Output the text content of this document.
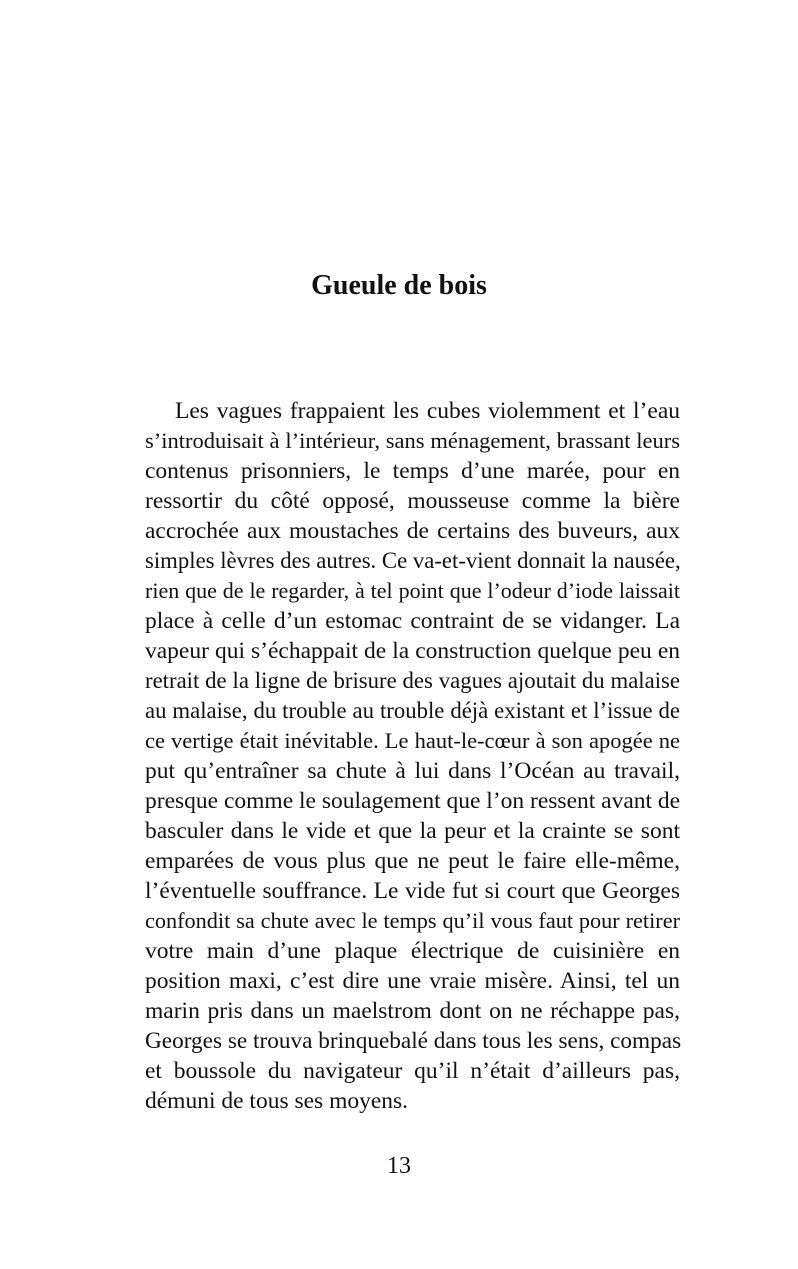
Gueule de bois
Les vagues frappaient les cubes violemment et l’eau
s’introduisait à l’intérieur, sans ménagement, brassant leurs
contenus prisonniers, le temps d’une marée, pour en
ressortir du côté opposé, mousseuse comme la bière
accrochée aux moustaches de certains des buveurs, aux
simples lèvres des autres. Ce va-et-vient donnait la nausée,
rien que de le regarder, à tel point que l’odeur d’iode laissait
place à celle d’un estomac contraint de se vidanger. La
vapeur qui s’échappait de la construction quelque peu en
retrait de la ligne de brisure des vagues ajoutait du malaise
au malaise, du trouble au trouble déjà existant et l’issue de
ce vertige était inévitable. Le haut-le-cœur à son apogée ne
put qu’entraîner sa chute à lui dans l’Océan au travail,
presque comme le soulagement que l’on ressent avant de
basculer dans le vide et que la peur et la crainte se sont
emparées de vous plus que ne peut le faire elle-même,
l’éventuelle souffrance. Le vide fut si court que Georges
confondit sa chute avec le temps qu’il vous faut pour retirer
votre main d’une plaque électrique de cuisinière en
position maxi, c’est dire une vraie misère. Ainsi, tel un
marin pris dans un maelstrom dont on ne réchappe pas,
Georges se trouva brinquebalé dans tous les sens, compas
et boussole du navigateur qu’il n’était d’ailleurs pas,
démuni de tous ses moyens.
13
